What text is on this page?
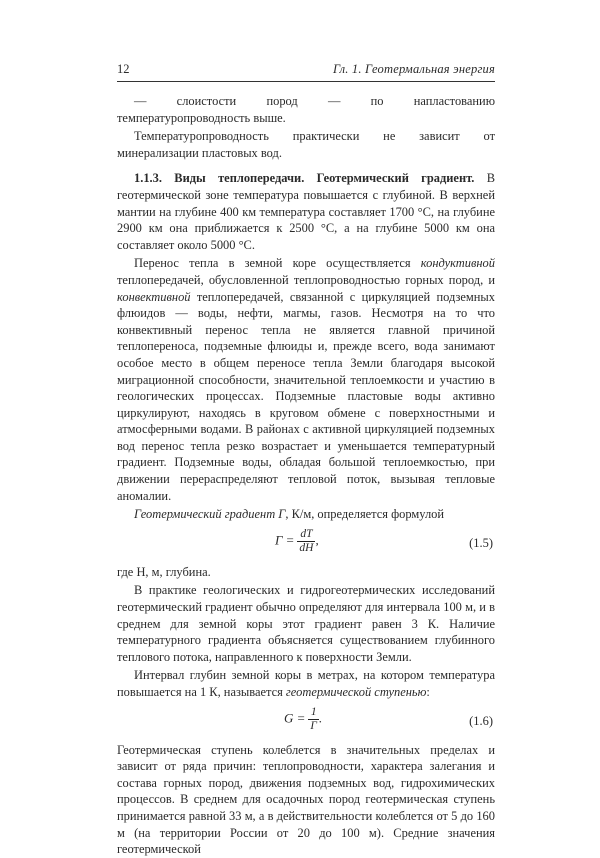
12	Гл. 1. Геотермальная энергия

— слоистости пород — по напластованию температуропроводность выше.

Температуропроводность практически не зависит от минерализации пластовых вод.

1.1.3. Виды теплопередачи. Геотермический градиент. В геотермической зоне температура повышается с глубиной. В верхней мантии на глубине 400 км температура составляет 1700 °С, на глубине 2900 км она приближается к 2500 °С, а на глубине 5000 км она составляет около 5000 °С.

Перенос тепла в земной коре осуществляется кондуктивной теплопередачей, обусловленной теплопроводностью горных пород, и конвективной теплопередачей, связанной с циркуляцией подземных флюидов — воды, нефти, магмы, газов. Несмотря на то что конвективный перенос тепла не является главной причиной теплопереноса, подземные флюиды и, прежде всего, вода занимают особое место в общем переносе тепла Земли благодаря высокой миграционной способности, значительной теплоемкости и участию в геологических процессах. Подземные пластовые воды активно циркулируют, находясь в круговом обмене с поверхностными и атмосферными водами. В районах с активной циркуляцией подземных вод перенос тепла резко возрастает и уменьшается температурный градиент. Подземные воды, обладая большой теплоемкостью, при движении перераспределяют тепловой поток, вызывая тепловые аномалии.

Геотермический градиент Γ, К/м, определяется формулой

$\Gamma = \frac{dT}{dH}$ ,	(1.5)

где H, м, глубина.

В практике геологических и гидрогеотермических исследований геотермический градиент обычно определяют для интервала 100 м, и в среднем для земной коры этот градиент равен 3 К. Наличие температурного градиента объясняется существованием глубинного теплового потока, направленного к поверхности Земли.

Интервал глубин земной коры в метрах, на котором температура повышается на 1 К, называется геотермической ступенью:

$G = \frac{1}{\Gamma}$ .	(1.6)

Геотермическая ступень колеблется в значительных пределах и зависит от ряда причин: теплопроводности, характера залегания и состава горных пород, движения подземных вод, гидрохимических процессов. В среднем для осадочных пород геотермическая ступень принимается равной 33 м, а в действительности колеблется от 5 до 160 м (на территории России от 20 до 100 м). Средние значения геотермической
